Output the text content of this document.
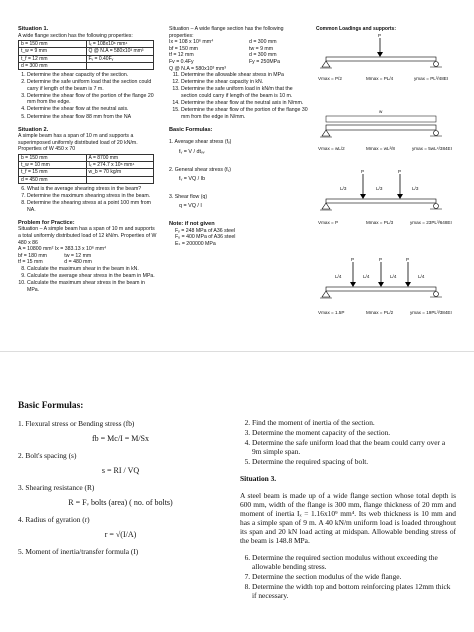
Situation 1.
A wide flange section has the following properties:
b = 150 mm	Iₓ = 108x10⁶ mm⁴
t_w = 9 mm	Q @ N.A = 580x10³ mm³
t_f = 12 mm	Fᵥ = 0.40Fᵧ
d = 300 mm	
1. Determine the shear capacity of the section.
2. Determine the safe uniform load that the section could carry if length of the beam is 7 m.
3. Determine the shear flow of the portion of the flange 20 mm from the edge.
4. Determine the shear flow at the neutral axis.
5. Determine the shear flow 88 mm from the NA
Situation 2.
A simple beam has a span of 10 m and supports a superimposed uniformly distributed load of 20 kN/m. Properties of W 450 x 70
b = 150 mm	A = 8700 mm
t_w = 10 mm	Iₓ = 274.7 x 10⁶ mm⁴
t_f = 15 mm	w_b = 70 kg/m
d = 450 mm	
6. What is the average shearing stress in the beam?
7. Determine the maximum shearing stress in the beam.
8. Determine the shearing stress at a point 100 mm from NA.
Problem for Practice:
Situation – A simple beam has a span of 10 m and supports a total uniformly distributed load of 12 kN/m. Properties of W 480 x 86
A = 10800 mm² Ix = 383.13 x 10⁶ mm⁴
bf = 180 mm            tw = 12 mm
tf = 15 mm               d = 480 mm
8. Calculate the maximum shear in the beam in kN.
9. Calculate the average shear stress in the beam in MPa.
10. Calculate the maximum shear stress in the beam in MPa.
Situation – A wide flange section has the following properties:
Ix = 108 x 10⁶ mm⁴	d = 300 mm
bf = 150 mm	tw = 9 mm
tf = 12 mm	d = 300 mm
Fv = 0.4Fy	Fy = 250MPa
Q @ N.A = 580x10³ mm³
11. Determine the allowable shear stress in MPa
12. Determine the shear capacity in kN.
13. Determine the safe uniform load in kN/m that the section could carry if length of the beam is 10 m.
14. Determine the shear flow at the neutral axis in N/mm.
15. Determine the shear flow of the portion of the flange 30 mm from the edge in N/mm.
Basic Formulas:
1. Average shear stress (fᵥ)
fᵥ = V / dtᵥᵥ
2. General shear stress (fᵥ)
fᵥ = VQ / Ib
3. Shear flow (q)
q = VQ / I
Note: if not given
Fᵧ = 248 MPa of A36 steel
Fᵤ = 400 MPa of A36 steel
Eₛ = 200000 MPa
Common Loadings and supports:
P
Vmax = P/2	Mmax = PL/4	ymax = PL³/48EI
w
Vmax = wL/2	Mmax = wL²/8	ymax = 5wL⁴/384EI
P	P
L/3	L/3	L/3
Vmax = P	Mmax = PL/3	ymax = 23PL³/648EI
P	P	P
L/4	L/4	L/4	L/4
Vmax = 1.5P	Mmax = PL/2	ymax = 19PL³/384EI
Basic Formulas:
1. Flexural stress or Bending stress (fb)
fb = Mc/I = M/Sx
2. Bolt's spacing (s)
s = RI / VQ
3. Shearing resistance (R)
R = Fᵥ bolts (area) ( no. of bolts)
4. Radius of gyration (r)
r = √(I/A)
5. Moment of inertia/transfer formula (I)
2. Find the moment of inertia of the section.
3. Determine the moment capacity of the section.
4. Determine the safe uniform load that the beam could carry over a 9m simple span.
5. Determine the required spacing of bolt.
Situation 3.
A steel beam is made up of a wide flange section whose total depth is 600 mm, width of the flange is 300 mm, flange thickness of 20 mm and moment of inertia Iₓ = 1.16x10⁹ mm⁴. Its web thickness is 10 mm and has a simple span of 9 m. A 40 kN/m uniform load is loaded throughout its span and 20 kN load acting at midspan. Allowable bending stress of the beam is 148.8 MPa.
6. Determine the required section modulus without exceeding the allowable bending stress.
7. Determine the section modulus of the wide flange.
8. Determine the width top and bottom reinforcing plates 12mm thick if necessary.
